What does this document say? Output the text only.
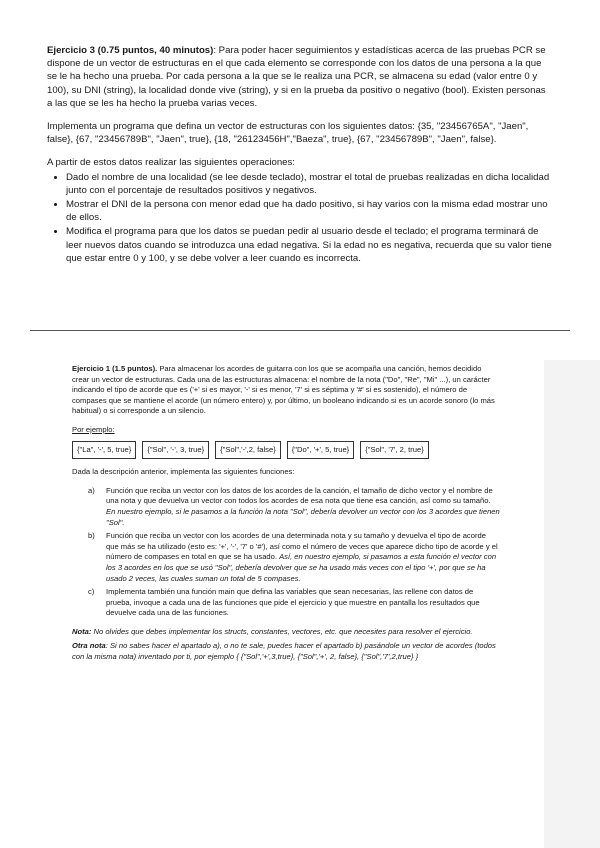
Ejercicio 3 (0.75 puntos, 40 minutos): Para poder hacer seguimientos y estadísticas acerca de las pruebas PCR se dispone de un vector de estructuras en el que cada elemento se corresponde con los datos de una persona a la que se le ha hecho una prueba. Por cada persona a la que se le realiza una PCR, se almacena su edad (valor entre 0 y 100), su DNI (string), la localidad donde vive (string), y si en la prueba da positivo o negativo (bool). Existen personas a las que se les ha hecho la prueba varias veces.

Implementa un programa que defina un vector de estructuras con los siguientes datos: {35, "23456765A", "Jaen", false}, {67, "23456789B", "Jaen", true}, {18, "26123456H","Baeza", true}, {67, "23456789B", "Jaen", false}.

A partir de estos datos realizar las siguientes operaciones:
• Dado el nombre de una localidad (se lee desde teclado), mostrar el total de pruebas realizadas en dicha localidad junto con el porcentaje de resultados positivos y negativos.
• Mostrar el DNI de la persona con menor edad que ha dado positivo, si hay varios con la misma edad mostrar uno de ellos.
• Modifica el programa para que los datos se puedan pedir al usuario desde el teclado; el programa terminará de leer nuevos datos cuando se introduzca una edad negativa. Si la edad no es negativa, recuerda que su valor tiene que estar entre 0 y 100, y se debe volver a leer cuando es incorrecta.

Ejercicio 1 (1.5 puntos). Para almacenar los acordes de guitarra con los que se acompaña una canción, hemos decidido crear un vector de estructuras. Cada una de las estructuras almacena: el nombre de la nota ("Do", "Re", "Mi" ...), un carácter indicando el tipo de acorde que es ('+' si es mayor, '-' si es menor, '7' si es séptima y '#' si es sostenido), el número de compases que se mantiene el acorde (un número entero) y, por último, un booleano indicando si es un acorde sonoro (lo más habitual) o si corresponde a un silencio.

Por ejemplo:
{"La", '-', 5, true}	{"Sol", '-', 3, true}	{"Sol",'-',2, false}	{"Do", '+', 5, true}	{"Sol", '7', 2, true}

Dada la descripción anterior, implementa las siguientes funciones:

a) Función que reciba un vector con los datos de los acordes de la canción, el tamaño de dicho vector y el nombre de una nota y que devuelva un vector con todos los acordes de esa nota que tiene esa canción, así como su tamaño. En nuestro ejemplo, si le pasamos a la función la nota "Sol", debería devolver un vector con los 3 acordes que tienen "Sol".
b) Función que reciba un vector con los acordes de una determinada nota y su tamaño y devuelva el tipo de acorde que más se ha utilizado (esto es: '+', '-', '7' o '#'), así como el número de veces que aparece dicho tipo de acorde y el número de compases en total en que se ha usado. Así, en nuestro ejemplo, si pasamos a esta función el vector con los 3 acordes en los que se usó "Sol", debería devolver que se ha usado más veces con el tipo '+', por que se ha usado 2 veces, las cuales suman un total de 5 compases.
c) Implementa también una función main que defina las variables que sean necesarias, las rellene con datos de prueba, invoque a cada una de las funciones que pide el ejercicio y que muestre en pantalla los resultados que devuelve cada una de las funciones.

Nota: No olvides que debes implementar los structs, constantes, vectores, etc. que necesites para resolver el ejercicio.

Otra nota: Si no sabes hacer el apartado a), o no te sale, puedes hacer el apartado b) pasándole un vector de acordes (todos con la misma nota) inventado por ti, por ejemplo { {"Sol",'+',3,true}, {"Sol",'+', 2, false}, {"Sol",'7',2,true} }
